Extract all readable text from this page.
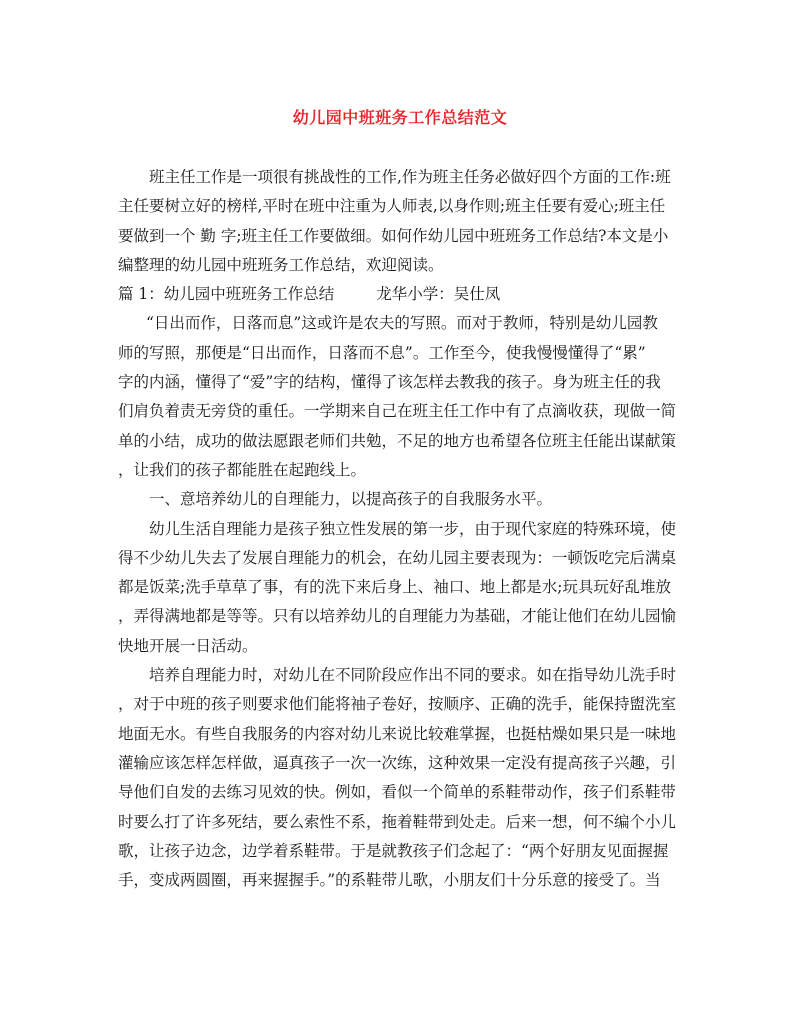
幼儿园中班班务工作总结范文

班主任工作是一项很有挑战性的工作,作为班主任务必做好四个方面的工作:班
主任要树立好的榜样,平时在班中注重为人师表,以身作则;班主任要有爱心;班主任
要做到一个 勤 字;班主任工作要做细。如何作幼儿园中班班务工作总结?本文是小
编整理的幼儿园中班班务工作总结，欢迎阅读。

篇 1：幼儿园中班班务工作总结	龙华小学：吴仕凤

“日出而作，日落而息”这或许是农夫的写照。而对于教师，特别是幼儿园教
师的写照，那便是“日出而作，日落而不息”。工作至今，使我慢慢懂得了“累”
字的内涵，懂得了“爱”字的结构，懂得了该怎样去教我的孩子。身为班主任的我
们肩负着责无旁贷的重任。一学期来自己在班主任工作中有了点滴收获，现做一简
单的小结，成功的做法愿跟老师们共勉，不足的地方也希望各位班主任能出谋献策
，让我们的孩子都能胜在起跑线上。

一、意培养幼儿的自理能力，以提高孩子的自我服务水平。

幼儿生活自理能力是孩子独立性发展的第一步，由于现代家庭的特殊环境，使
得不少幼儿失去了发展自理能力的机会，在幼儿园主要表现为：一顿饭吃完后满桌
都是饭菜;洗手草草了事，有的洗下来后身上、袖口、地上都是水;玩具玩好乱堆放
，弄得满地都是等等。只有以培养幼儿的自理能力为基础，才能让他们在幼儿园愉
快地开展一日活动。

培养自理能力时，对幼儿在不同阶段应作出不同的要求。如在指导幼儿洗手时
，对于中班的孩子则要求他们能将袖子卷好，按顺序、正确的洗手，能保持盥洗室
地面无水。有些自我服务的内容对幼儿来说比较难掌握，也挺枯燥如果只是一味地
灌输应该怎样怎样做，逼真孩子一次一次练，这种效果一定没有提高孩子兴趣，引
导他们自发的去练习见效的快。例如，看似一个简单的系鞋带动作，孩子们系鞋带
时要么打了许多死结，要么索性不系，拖着鞋带到处走。后来一想，何不编个小儿
歌，让孩子边念，边学着系鞋带。于是就教孩子们念起了：“两个好朋友见面握握
手，变成两圆圈，再来握握手。”的系鞋带儿歌，小朋友们十分乐意的接受了。当
